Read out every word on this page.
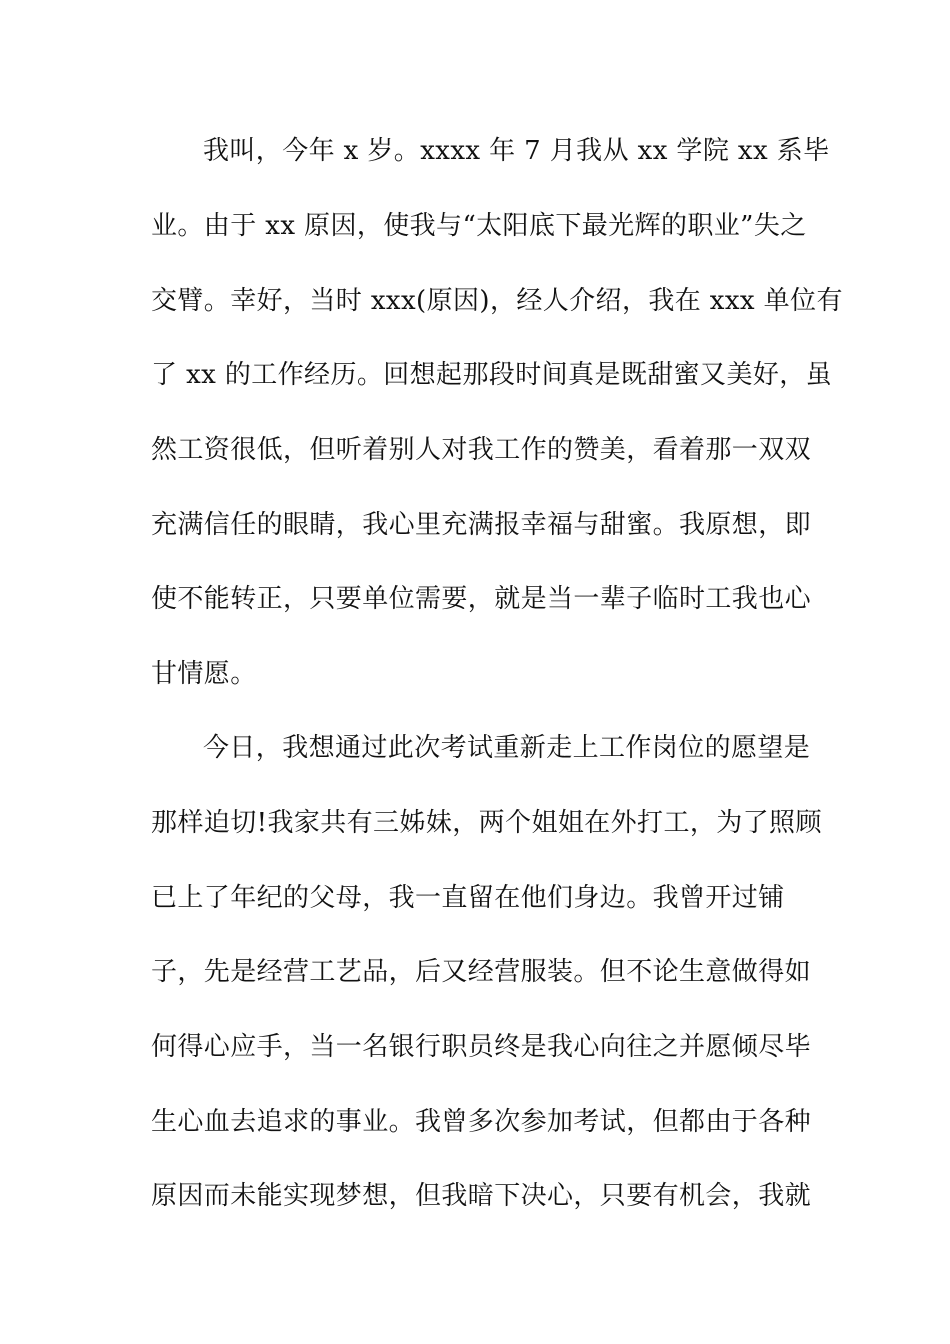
我叫，今年 x 岁。xxxx 年 7 月我从 xx 学院 xx 系毕
业。由于 xx 原因，使我与“太阳底下最光辉的职业”失之
交臂。幸好，当时 xxx(原因)，经人介绍，我在 xxx 单位有
了 xx 的工作经历。回想起那段时间真是既甜蜜又美好，虽
然工资很低，但听着别人对我工作的赞美，看着那一双双
充满信任的眼睛，我心里充满报幸福与甜蜜。我原想，即
使不能转正，只要单位需要，就是当一辈子临时工我也心
甘情愿。
今日，我想通过此次考试重新走上工作岗位的愿望是
那样迫切!我家共有三姊妹，两个姐姐在外打工，为了照顾
已上了年纪的父母，我一直留在他们身边。我曾开过铺
子，先是经营工艺品，后又经营服装。但不论生意做得如
何得心应手，当一名银行职员终是我心向往之并愿倾尽毕
生心血去追求的事业。我曾多次参加考试，但都由于各种
原因而未能实现梦想，但我暗下决心，只要有机会，我就
